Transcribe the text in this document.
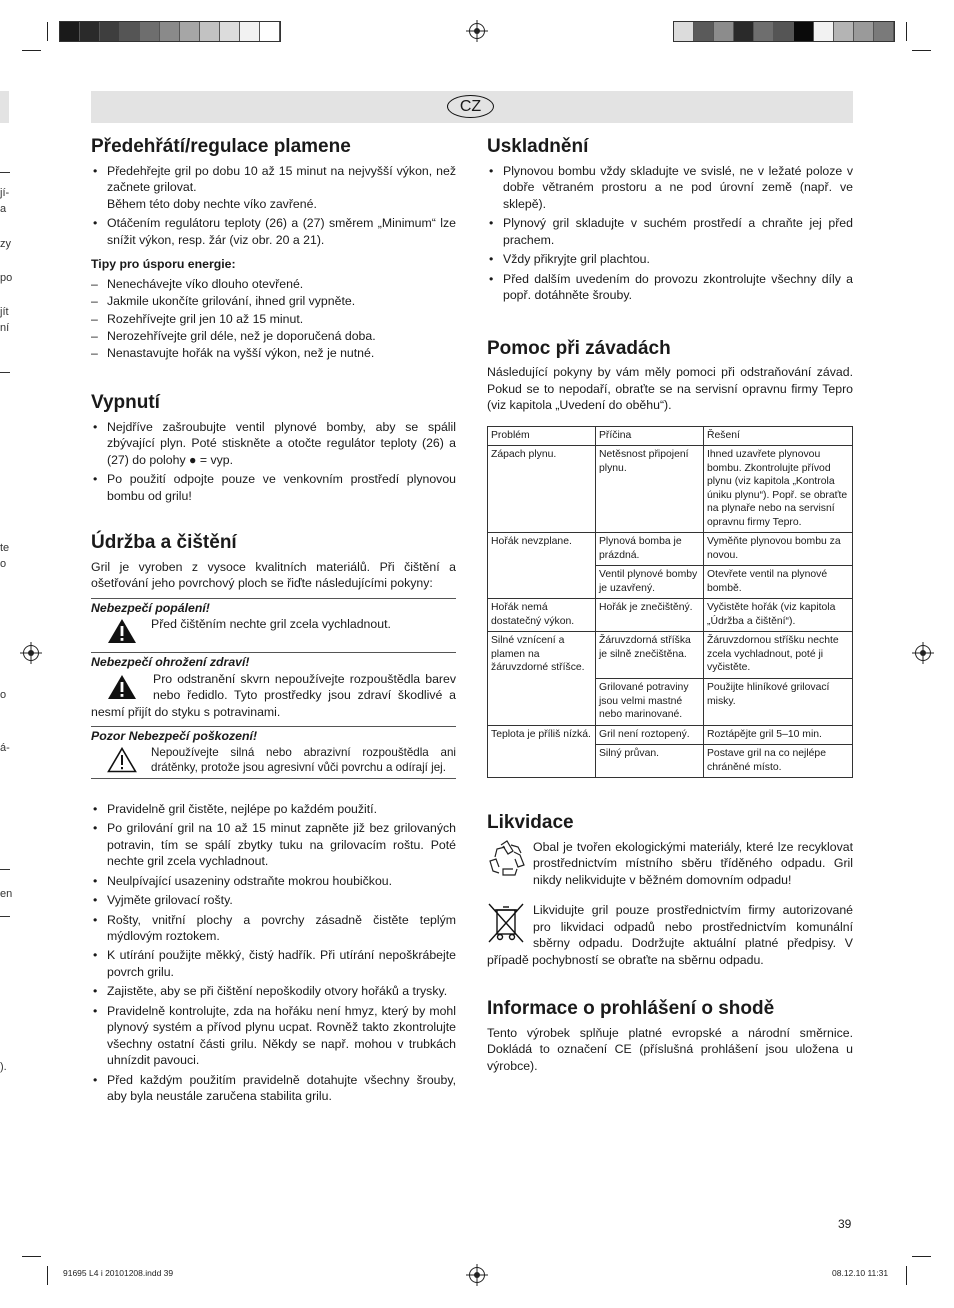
jí-
a
zy
po
jít
ní
te
o
o
á-
en
).
CZ
Předehřátí/regulace plamene
• Předehřejte gril po dobu 10 až 15 minut na nejvyšší výkon, než začnete grilovat.
Během této doby nechte víko zavřené.
• Otáčením regulátoru teploty (26) a (27) směrem „Minimum“ lze snížit výkon, resp. žár (viz obr. 20 a 21).
Tipy pro úsporu energie:
– Nenechávejte víko dlouho otevřené.
– Jakmile ukončíte grilování, ihned gril vypněte.
– Rozehřívejte gril jen 10 až 15 minut.
– Nerozehřívejte gril déle, než je doporučená doba.
– Nenastavujte hořák na vyšší výkon, než je nutné.
Vypnutí
• Nejdříve zašroubujte ventil plynové bomby, aby se spálil zbývající plyn. Poté stiskněte a otočte regulátor teploty (26) a (27) do polohy ● = vyp.
• Po použití odpojte pouze ve venkovním prostředí plynovou bombu od grilu!
Údržba a čištění

Gril je vyroben z vysoce kvalitních materiálů. Při čištění a ošetřování jeho povrchový ploch se řiďte následujícími pokyny:

Nebezpečí popálení!
Před čištěním nechte gril zcela vychladnout.
Nebezpečí ohrožení zdraví!
Pro odstranění skvrn nepoužívejte rozpouštědla barev nebo ředidlo. Tyto prostředky jsou zdraví škodlivé a nesmí přijít do styku s potravinami.
Pozor Nebezpečí poškození!
Nepoužívejte silná nebo abrazivní rozpouštědla ani drátěnky, protože jsou agresivní vůči povrchu a odírají jej.
• Pravidelně gril čistěte, nejlépe po každém použití.
• Po grilování gril na 10 až 15 minut zapněte již bez grilovaných potravin, tím se spálí zbytky tuku na grilovacím roštu. Poté nechte gril zcela vychladnout.
• Neulpívající usazeniny odstraňte mokrou houbičkou.
• Vyjměte grilovací rošty.
• Rošty, vnitřní plochy a povrchy zásadně čistěte teplým mýdlovým roztokem.
• K utírání použijte měkký, čistý hadřík. Při utírání nepoškrábejte povrch grilu.
• Zajistěte, aby se při čištění nepoškodily otvory hořáků a trysky.
• Pravidelně kontrolujte, zda na hořáku není hmyz, který by mohl plynový systém a přívod plynu ucpat. Rovněž takto zkontrolujte všechny ostatní části grilu. Někdy se např. mohou v trubkách uhnízdit pavouci.
• Před každým použitím pravidelně dotahujte všechny šrouby, aby byla neustále zaručena stabilita grilu.
Uskladnění
• Plynovou bombu vždy skladujte ve svislé, ne v ležaté poloze v dobře větraném prostoru a ne pod úrovní země (např. ve sklepě).
• Plynový gril skladujte v suchém prostředí a chraňte jej před prachem.
• Vždy přikryjte gril plachtou.
• Před dalším uvedením do provozu zkontrolujte všechny díly a popř. dotáhněte šrouby.
Pomoc při závadách

Následující pokyny by vám měly pomoci při odstraňování závad. Pokud se to nepodaří, obraťte se na servisní opravnu firmy Tepro (viz kapitola „Uvedení do oběhu“).

Problém	Příčina	Řešení
Zápach plynu.	Netěsnost připojení plynu.	Ihned uzavřete plynovou bombu. Zkontrolujte přívod plynu (viz kapitola „Kontrola úniku plynu“). Popř. se obraťte na plynaře nebo na servisní opravnu firmy Tepro.
Hořák nevzplane.	Plynová bomba je prázdná.	Vyměňte plynovou bombu za novou.
	Ventil plynové bomby je uzavřený.	Otevřete ventil na plynové bombě.
Hořák nemá dostatečný výkon.	Hořák je znečištěný.	Vyčistěte hořák (viz kapitola „Údržba a čištění“).
Silné vznícení a plamen na žáruvzdorné stříšce.	Žáruvzdorná stříška je silně znečištěna.	Žáruvzdornou stříšku nechte zcela vychladnout, poté ji vyčistěte.
	Grilované potraviny jsou velmi mastné nebo marinované.	Použijte hliníkové grilovací misky.
Teplota je příliš nízká.	Gril není roztopený.	Roztápějte gril 5–10 min.
	Silný průvan.	Postave gril na co nejlépe chráněné místo.
Likvidace

Obal je tvořen ekologickými materiály, které lze recyklovat prostřednictvím místního sběru tříděného odpadu. Gril nikdy nelikvidujte v běžném domovním odpadu!

Likvidujte gril pouze prostřednictvím firmy autorizované pro likvidaci odpadů nebo prostřednictvím komunální sběrny odpadu. Dodržujte aktuální platné předpisy. V případě pochybností se obraťte na sběrnu odpadu.

Informace o prohlášení o shodě

Tento výrobek splňuje platné evropské a národní směrnice. Dokládá to označení CE (příslušná prohlášení jsou uložena u výrobce).

39
91695 L4 i 20101208.indd 39	08.12.10 11:31
